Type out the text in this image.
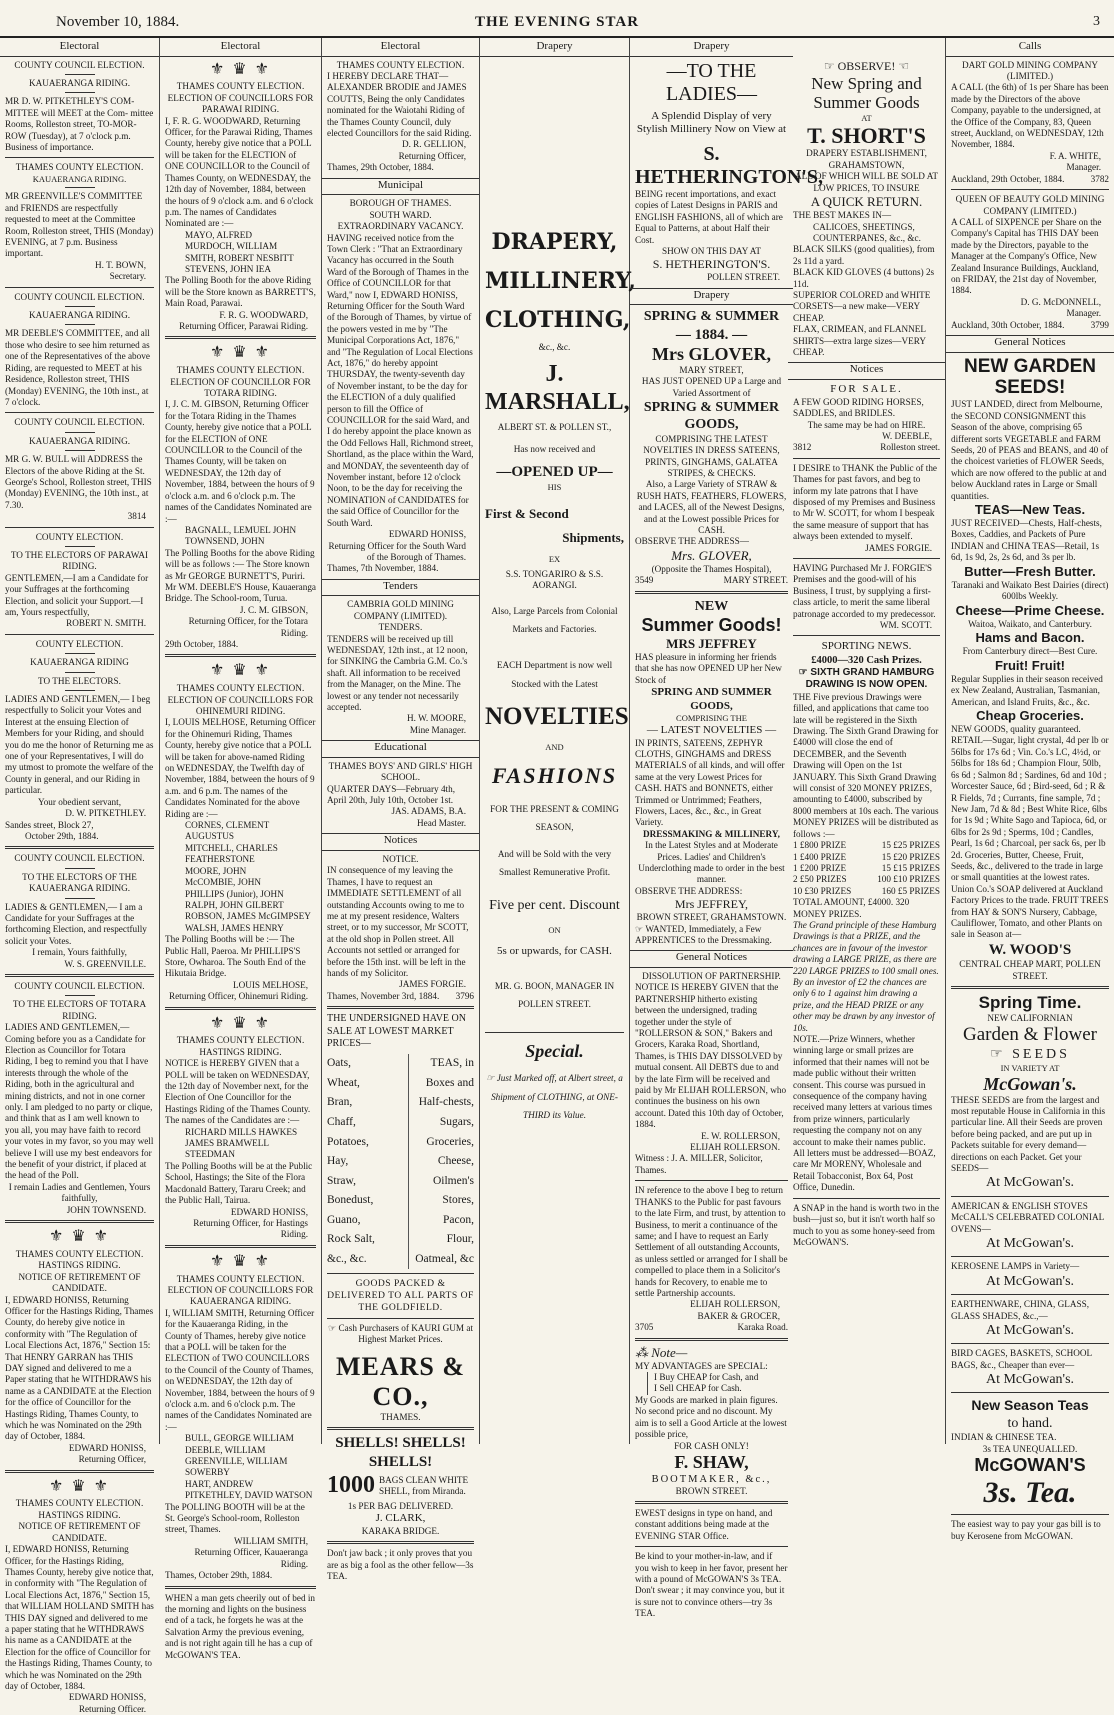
November 10, 1884.	THE EVENING STAR	3
Electoral
COUNTY COUNCIL ELECTION.
KAUAERANGA RIDING.
MR D. W. PITKETHLEY'S COM- MITTEE will MEET at the Com- mittee Rooms, Rolleston street, TO-MOR- ROW (Tuesday), at 7 o'clock p.m. Business of importance.
THAMES COUNTY ELECTION.
KAUAERANGA RIDING.
MR GREENVILLE'S COMMITTEE and FRIENDS are respectfully requested to meet at the Committee Room, Rolleston street, THIS (Monday) EVENING, at 7 p.m. Business important.
H. T. BOWN,
Secretary.
COUNTY COUNCIL ELECTION.
KAUAERANGA RIDING.
MR DEEBLE'S COMMITTEE, and all those who desire to see him returned as one of the Representatives of the above Riding, are requested to MEET at his Residence, Rolleston street, THIS (Monday) EVENING, the 10th inst., at 7 o'clock.
COUNTY COUNCIL ELECTION.
KAUAERANGA RIDING.
MR G. W. BULL will ADDRESS the Electors of the above Riding at the St. George's School, Rolleston street, THIS (Monday) EVENING, the 10th inst., at 7.30.
3814
COUNTY ELECTION.
TO THE ELECTORS OF PARAWAI RIDING.
GENTLEMEN,—I am a Candidate for your Suffrages at the forthcoming Election, and solicit your Support.—I am, Yours respectfully,
ROBERT N. SMITH.
COUNTY ELECTION.
KAUAERANGA RIDING
TO THE ELECTORS.
LADIES AND GENTLEMEN,— I beg respectfully to Solicit your Votes and Interest at the ensuing Election of Members for your Riding, and should you do me the honor of Returning me as one of your Representatives, I will do my utmost to promote the welfare of the County in general, and our Riding in particular.
Your obedient servant,
D. W. PITKETHLEY.
Sandes street, Block 27,
October 29th, 1884.
COUNTY COUNCIL ELECTION.
TO THE ELECTORS OF THE KAUAERANGA RIDING.
LADIES & GENTLEMEN,— I am a Candidate for your Suffrages at the forthcoming Election, and respectfully solicit your Votes.
I remain, Yours faithfully,
W. S. GREENVILLE.
COUNTY COUNCIL ELECTION.
TO THE ELECTORS OF TOTARA RIDING.
LADIES AND GENTLEMEN,— Coming before you as a Candidate for Election as Councillor for Totara Riding, I beg to remind you that I have interests through the whole of the Riding, both in the agricultural and mining districts, and not in one corner only. I am pledged to no party or clique, and think that as I am well known to you all, you may have faith to record your votes in my favor, so you may well believe I will use my best endeavors for the benefit of your district, if placed at the head of the Poll.
I remain Ladies and Gentlemen, Yours faithfully,
JOHN TOWNSEND.
⚜ ♛ ⚜
THAMES COUNTY ELECTION.
HASTINGS RIDING.
NOTICE OF RETIREMENT OF CANDIDATE.
I, EDWARD HONISS, Returning Officer for the Hastings Riding, Thames County, do hereby give notice in conformity with "The Regulation of Local Elections Act, 1876," Section 15: That HENRY GARRAN has THIS DAY signed and delivered to me a Paper stating that he WITHDRAWS his name as a CANDIDATE at the Election for the office of Councillor for the Hastings Riding, Thames County, to which he was Nominated on the 29th day of October, 1884.
EDWARD HONISS,
Returning Officer,
⚜ ♛ ⚜
THAMES COUNTY ELECTION.
HASTINGS RIDING.
NOTICE OF RETIREMENT OF CANDIDATE.
I, EDWARD HONISS, Returning Officer, for the Hastings Riding, Thames County, hereby give notice that, in conformity with "The Regulation of Local Elections Act, 1876," Section 15, that WILLIAM HOLLAND SMITH has THIS DAY signed and delivered to me a paper stating that he WITHDRAWS his name as a CANDIDATE at the Election for the office of Councillor for the Hastings Riding, Thames County, to which he was Nominated on the 29th day of October, 1884.
EDWARD HONISS,
Returning Officer.
Electoral
⚜ ♛ ⚜
THAMES COUNTY ELECTION.
ELECTION OF COUNCILLORS FOR PARAWAI RIDING.
I, F. R. G. WOODWARD, Returning Officer, for the Parawai Riding, Thames County, hereby give notice that a POLL will be taken for the ELECTION of ONE COUNCILLOR to the Council of Thames County, on WEDNESDAY, the 12th day of November, 1884, between the hours of 9 o'clock a.m. and 6 o'clock p.m. The names of Candidates Nominated are :—
MAYO, ALFRED
MURDOCH, WILLIAM
SMITH, ROBERT NESBITT
STEVENS, JOHN IEA
The Polling Booth for the above Riding will be the Store known as BARRETT'S, Main Road, Parawai.
F. R. G. WOODWARD,
Returning Officer, Parawai Riding.
⚜ ♛ ⚜
THAMES COUNTY ELECTION.
ELECTION OF COUNCILLOR FOR TOTARA RIDING.
I, J. C. M. GIBSON, Returning Officer for the Totara Riding in the Thames County, hereby give notice that a POLL for the ELECTION of ONE COUNCILLOR to the Council of the Thames County, will be taken on WEDNESDAY, the 12th day of November, 1884, between the hours of 9 o'clock a.m. and 6 o'clock p.m. The names of the Candidates Nominated are :—
BAGNALL, LEMUEL JOHN
TOWNSEND, JOHN
The Polling Booths for the above Riding will be as follows :— The Store known as Mr GEORGE BURNETT'S, Puriri. Mr WM. DEEBLE'S House, Kauaeranga Bridge. The School-room, Turua.
J. C. M. GIBSON,
Returning Officer, for the Totara Riding.
29th October, 1884.
⚜ ♛ ⚜
THAMES COUNTY ELECTION.
ELECTION OF COUNCILLORS FOR OHINEMURI RIDING.
I, LOUIS MELHOSE, Returning Officer for the Ohinemuri Riding, Thames County, hereby give notice that a POLL will be taken for above-named Riding on WEDNESDAY, the Twelfth day of November, 1884, between the hours of 9 a.m. and 6 p.m. The names of the Candidates Nominated for the above Riding are :—
CORNES, CLEMENT AUGUSTUS
MITCHELL, CHARLES FEATHERSTONE
MOORE, JOHN
McCOMBIE, JOHN
PHILLIPS (Junior), JOHN
RALPH, JOHN GILBERT
ROBSON, JAMES McGIMPSEY
WALSH, JAMES HENRY
The Polling Booths will be :— The Public Hall, Paeroa. Mr PHILLIPS'S Store, Owharoa. The South End of the Hikutaia Bridge.
LOUIS MELHOSE,
Returning Officer, Ohinemuri Riding.
⚜ ♛ ⚜
THAMES COUNTY ELECTION.
HASTINGS RIDING.
NOTICE is HEREBY GIVEN that a POLL will be taken on WEDNESDAY, the 12th day of November next, for the Election of One Councillor for the Hastings Riding of the Thames County. The names of the Candidates are :—
RICHARD MILLS HAWKES
JAMES BRAMWELL STEEDMAN
The Polling Booths will be at the Public School, Hastings; the Site of the Flora Macdonald Battery, Tararu Creek; and the Public Hall, Tairua.
EDWARD HONISS,
Returning Officer, for Hastings Riding.
⚜ ♛ ⚜
THAMES COUNTY ELECTION.
ELECTION OF COUNCILLORS FOR KAUAERANGA RIDING.
I, WILLIAM SMITH, Returning Officer for the Kauaeranga Riding, in the County of Thames, hereby give notice that a POLL will be taken for the ELECTION of TWO COUNCILLORS to the Council of the County of Thames, on WEDNESDAY, the 12th day of November, 1884, between the hours of 9 o'clock a.m. and 6 o'clock p.m. The names of the Candidates Nominated are :—
BULL, GEORGE WILLIAM
DEEBLE, WILLIAM
GREENVILLE, WILLIAM SOWERBY
HART, ANDREW
PITKETHLEY, DAVID WATSON
The POLLING BOOTH will be at the St. George's School-room, Rolleston street, Thames.
WILLIAM SMITH,
Returning Officer, Kauaeranga Riding.
Thames, October 29th, 1884.
WHEN a man gets cheerily out of bed in the morning and lights on the business end of a tack, he forgets he was at the Salvation Army the previous evening, and is not right again till he has a cup of McGOWAN'S TEA.
Electoral
THAMES COUNTY ELECTION.
I HEREBY DECLARE THAT— ALEXANDER BRODIE and JAMES COUTTS, Being the only Candidates nominated for the Waiotahi Riding of the Thames County Council, duly elected Councillors for the said Riding.
D. R. GELLION,
Returning Officer,
Thames, 29th October, 1884.
Municipal
BOROUGH OF THAMES.
SOUTH WARD.
EXTRAORDINARY VACANCY.
HAVING received notice from the Town Clerk : "That an Extraordinary Vacancy has occurred in the South Ward of the Borough of Thames in the Office of COUNCILLOR for that Ward," now I, EDWARD HONISS, Returning Officer for the South Ward of the Borough of Thames, by virtue of the powers vested in me by "The Municipal Corporations Act, 1876," and "The Regulation of Local Elections Act, 1876," do hereby appoint THURSDAY, the twenty-seventh day of November instant, to be the day for the ELECTION of a duly qualified person to fill the Office of COUNCILLOR for the said Ward, and I do hereby appoint the place known as the Odd Fellows Hall, Richmond street, Shortland, as the place within the Ward, and MONDAY, the seventeenth day of November instant, before 12 o'clock Noon, to be the day for receiving the NOMINATION of CANDIDATES for the said Office of Councillor for the South Ward.
EDWARD HONISS,
Returning Officer for the South Ward of the Borough of Thames.
Thames, 7th November, 1884.
Tenders
CAMBRIA GOLD MINING COMPANY (LIMITED).
TENDERS.
TENDERS will be received up till WEDNESDAY, 12th inst., at 12 noon, for SINKING the Cambria G.M. Co.'s shaft. All information to be received from the Manager, on the Mine. The lowest or any tender not necessarily accepted.
H. W. MOORE,
Mine Manager.
Educational
THAMES BOYS' AND GIRLS' HIGH SCHOOL.
QUARTER DAYS—February 4th, April 20th, July 10th, October 1st.
JAS. ADAMS, B.A.
Head Master.
Notices
NOTICE.
IN consequence of my leaving the Thames, I have to request an IMMEDIATE SETTLEMENT of all outstanding Accounts owing to me to me at my present residence, Walters street, or to my successor, Mr SCOTT, at the old shop in Pollen street. All Accounts not settled or arranged for before the 15th inst. will be left in the hands of my Solicitor.
JAMES FORGIE.
Thames, November 3rd, 1884. 3796
THE UNDERSIGNED HAVE ON SALE AT LOWEST MARKET PRICES—
Oats,
Wheat,
Bran,
Chaff,
Potatoes,
Hay,
Straw,
Bonedust,
Guano,
Rock Salt,
&c., &c.
TEAS, in
Boxes and
Half-chests,
Sugars,
Groceries,
Cheese,
Oilmen's
Stores,
Pacon,
Flour,
Oatmeal, &c
GOODS PACKED & DELIVERED TO ALL PARTS OF THE GOLDFIELD.
☞ Cash Purchasers of KAURI GUM at Highest Market Prices.
MEARS & CO.,
THAMES.
SHELLS! SHELLS! SHELLS!
1000 BAGS CLEAN WHITE SHELL, from Miranda.
1s PER BAG DELIVERED.
J. CLARK,
KARAKA BRIDGE.
Don't jaw back ; it only proves that you are as big a fool as the other fellow—3s TEA.
Drapery
DRAPERY,
MILLINERY,
CLOTHING,
&c., &c.
J. MARSHALL,
ALBERT ST. & POLLEN ST.,
Has now received and
—OPENED UP—
HIS
First & Second
Shipments,
EX
S.S. TONGARIRO & S.S. AORANGI.
Also, Large Parcels from Colonial Markets and Factories.
EACH Department is now well Stocked with the Latest
NOVELTIES
AND
FASHIONS
FOR THE PRESENT & COMING SEASON,
And will be Sold with the very Smallest Remunerative Profit.
Five per cent. Discount
ON
5s or upwards, for CASH.
MR. G. BOON, MANAGER IN POLLEN STREET.
Special.
☞ Just Marked off, at Albert street, a Shipment of CLOTHING, at ONE-THIRD its Value.
Drapery
—TO THE LADIES—
A Splendid Display of very Stylish Millinery Now on View at
S. HETHERINGTON'S,
BEING recent importations, and exact copies of Latest Designs in PARIS and ENGLISH FASHIONS, all of which are Equal to Patterns, at about Half their Cost.
SHOW ON THIS DAY AT
S. HETHERINGTON'S.
POLLEN STREET.
Drapery
SPRING & SUMMER
— 1884. —
Mrs GLOVER,
MARY STREET,
HAS JUST OPENED UP a Large and Varied Assortment of
SPRING & SUMMER GOODS,
COMPRISING THE LATEST NOVELTIES IN DRESS SATEENS, PRINTS, GINGHAMS, GALATEA STRIPES, & CHECKS.
Also, a Large Variety of STRAW & RUSH HATS, FEATHERS, FLOWERS, and LACES, all of the Newest Designs, and at the Lowest possible Prices for CASH.
OBSERVE THE ADDRESS—
Mrs. GLOVER,
(Opposite the Thames Hospital),
3549	MARY STREET.
NEW
Summer Goods!
MRS JEFFREY
HAS pleasure in informing her friends that she has now OPENED UP her New Stock of
SPRING AND SUMMER GOODS,
COMPRISING THE
— LATEST NOVELTIES —
IN PRINTS, SATEENS, ZEPHYR CLOTHS, GINGHAMS and DRESS MATERIALS of all kinds, and will offer same at the very Lowest Prices for CASH. HATS and BONNETS, either Trimmed or Untrimmed; Feathers, Flowers, Laces, &c., &c., in Great Variety.
DRESSMAKING & MILLINERY,
In the Latest Styles and at Moderate Prices. Ladies' and Children's Underclothing made to order in the best manner.
OBSERVE THE ADDRESS:
Mrs JEFFREY,
BROWN STREET, GRAHAMSTOWN.
☞ WANTED, Immediately, a Few APPRENTICES to the Dressmaking.
General Notices
DISSOLUTION OF PARTNERSHIP.
NOTICE IS HEREBY GIVEN that the PARTNERSHIP hitherto existing between the undersigned, trading together under the style of "ROLLERSON & SON," Bakers and Grocers, Karaka Road, Shortland, Thames, is THIS DAY DISSOLVED by mutual consent. All DEBTS due to and by the late Firm will be received and paid by Mr ELIJAH ROLLERSON, who continues the business on his own account. Dated this 10th day of October, 1884.
E. W. ROLLERSON,
ELIJAH ROLLERSON.
Witness : J. A. MILLER, Solicitor, Thames.
IN reference to the above I beg to return THANKS to the Public for past favours to the late Firm, and trust, by attention to Business, to merit a continuance of the same; and I have to request an Early Settlement of all outstanding Accounts, as unless settled or arranged for I shall be compelled to place them in a Solicitor's hands for Recovery, to enable me to settle Partnership accounts.
ELIJAH ROLLERSON,
BAKER & GROCER,
3705	Karaka Road.
⁂ Note—
MY ADVANTAGES are SPECIAL:
I Buy CHEAP for Cash, and
I Sell CHEAP for Cash.
My Goods are marked in plain figures. No second price and no discount. My aim is to sell a Good Article at the lowest possible price,
FOR CASH ONLY!
F. SHAW,
BOOTMAKER, &c.,
BROWN STREET.
EWEST designs in type on hand, and constant additions being made at the EVENING STAR Office.
Be kind to your mother-in-law, and if you wish to keep in her favor, present her with a pound of McGOWAN'S 3s TEA. Don't swear ; it may convince you, but it is sure not to convince others—try 3s TEA.

☞ OBSERVE! ☜
New Spring and Summer Goods
AT
T. SHORT'S
DRAPERY ESTABLISHMENT,
GRAHAMSTOWN,
ALL OF WHICH WILL BE SOLD AT LOW PRICES, TO INSURE
A QUICK RETURN.
THE BEST MAKES IN—
CALICOES, SHEETINGS, COUNTERPANES, &c., &c.
BLACK SILKS (good qualities), from 2s 11d a yard.
BLACK KID GLOVES (4 buttons) 2s 11d.
SUPERIOR COLORED and WHITE CORSETS—a new make—VERY CHEAP.
FLAX, CRIMEAN, and FLANNEL SHIRTS—extra large sizes—VERY CHEAP.
Notices
FOR SALE.
A FEW GOOD RIDING HORSES, SADDLES, and BRIDLES.
The same may be had on HIRE.
W. DEEBLE,
3812	Rolleston street.
I DESIRE to THANK the Public of the Thames for past favors, and beg to inform my late patrons that I have disposed of my Premises and Business to Mr W. SCOTT, for whom I bespeak the same measure of support that has always been extended to myself.
JAMES FORGIE.
HAVING Purchased Mr J. FORGIE'S Premises and the good-will of his Business, I trust, by supplying a first-class article, to merit the same liberal patronage accorded to my predecessor.
WM. SCOTT.
SPORTING NEWS.
£4000—320 Cash Prizes.
☞ SIXTH GRAND HAMBURG DRAWING IS NOW OPEN.
THE Five previous Drawings were filled, and applications that came too late will be registered in the Sixth Drawing. The Sixth Grand Drawing for £4000 will close the end of DECEMBER, and the Seventh Drawing will Open on the 1st JANUARY. This Sixth Grand Drawing will consist of 320 MONEY PRIZES, amounting to £4000, subscribed by 8000 members at 10s each. The various MONEY PRIZES will be distributed as follows :—
1 £800 PRIZE	15 £25 PRIZES
1 £400 PRIZE	15 £20 PRIZES
1 £200 PRIZE	15 £15 PRIZES
2 £50 PRIZES	100 £10 PRIZES
10 £30 PRIZES	160 £5 PRIZES
TOTAL AMOUNT, £4000. 320 MONEY PRIZES.
The Grand principle of these Hamburg Drawings is that a PRIZE, and the chances are in favour of the investor drawing a LARGE PRIZE, as there are 220 LARGE PRIZES to 100 small ones. By an investor of £2 the chances are only 6 to 1 against him drawing a prize, and the HEAD PRIZE or any other may be drawn by any investor of 10s.
NOTE.—Prize Winners, whether winning large or small prizes are informed that their names will not be made public without their written consent. This course was pursued in consequence of the company having received many letters at various times from prize winners, particularly requesting the company not on any account to make their names public.
All letters must be addressed—BOAZ, care Mr MORENY, Wholesale and Retail Tobacconist, Box 64, Post Office, Dunedin.
A SNAP in the hand is worth two in the bush—just so, but it isn't worth half so much to you as some honey-seed from McGOWAN'S.
Calls
DART GOLD MINING COMPANY (LIMITED.)
A CALL (the 6th) of 1s per Share has been made by the Directors of the above Company, payable to the undersigned, at the Office of the Company, 83, Queen street, Auckland, on WEDNESDAY, 12th November, 1884.
F. A. WHITE,
Manager.
Auckland, 29th October, 1884.	3782
QUEEN OF BEAUTY GOLD MINING COMPANY (LIMITED.)
A CALL of SIXPENCE per Share on the Company's Capital has THIS DAY been made by the Directors, payable to the Manager at the Company's Office, New Zealand Insurance Buildings, Auckland, on FRIDAY, the 21st day of November, 1884.
D. G. McDONNELL,
Manager.
Auckland, 30th October, 1884.	3799
General Notices
NEW GARDEN SEEDS!
JUST LANDED, direct from Melbourne, the SECOND CONSIGNMENT this Season of the above, comprising 65 different sorts VEGETABLE and FARM Seeds, 20 of PEAS and BEANS, and 40 of the choicest varieties of FLOWER Seeds, which are now offered to the public at and below Auckland rates in Large or Small quantities.
TEAS—New Teas.
JUST RECEIVED—Chests, Half-chests, Boxes, Caddies, and Packets of Pure INDIAN and CHINA TEAS—Retail, 1s 6d, 1s 9d, 2s, 2s 6d, and 3s per lb.
Butter—Fresh Butter.
Taranaki and Waikato Best Dairies (direct) 600lbs Weekly.
Cheese—Prime Cheese.
Waitoa, Waikato, and Canterbury.
Hams and Bacon.
From Canterbury direct—Best Cure.
Fruit! Fruit!
Regular Supplies in their season received ex New Zealand, Australian, Tasmanian, American, and Island Fruits, &c., &c.
Cheap Groceries.
NEW GOODS, quality guaranteed. RETAIL—Sugar, light crystal, 4d per lb or 56lbs for 17s 6d ; Vin. Co.'s LC, 4½d, or 56lbs for 18s 6d ; Champion Flour, 50lb, 6s 6d ; Salmon 8d ; Sardines, 6d and 10d ; Worcester Sauce, 6d ; Bird-seed, 6d ; R & R Fields, 7d ; Currants, fine sample, 7d ; New Jam, 7d & 8d ; Best White Rice, 6lbs for 1s 9d ; White Sago and Tapioca, 6d, or 6lbs for 2s 9d ; Sperms, 10d ; Candles, Pearl, 1s 6d ; Charcoal, per sack 6s, per lb 2d. Groceries, Butter, Cheese, Fruit, Seeds, &c., delivered to the trade in large or small quantities at the lowest rates. Union Co.'s SOAP delivered at Auckland Factory Prices to the trade. FRUIT TREES from HAY & SON'S Nursery, Cabbage, Cauliflower, Tomato, and other Plants on sale in Season at—
W. WOOD'S
CENTRAL CHEAP MART, POLLEN STREET.
Spring Time.
NEW CALIFORNIAN
Garden & Flower
☞ SEEDS
IN VARIETY AT
McGowan's.
THESE SEEDS are from the largest and most reputable House in California in this particular line. All their Seeds are proven before being packed, and are put up in Packets suitable for every demand—directions on each Packet. Get your SEEDS—
At McGowan's.
AMERICAN & ENGLISH STOVES McCALL'S CELEBRATED COLONIAL OVENS—
At McGowan's.
KEROSENE LAMPS in Variety—
At McGowan's.
EARTHENWARE, CHINA, GLASS, GLASS SHADES, &c.,—
At McGowan's.
BIRD CAGES, BASKETS, SCHOOL BAGS, &c., Cheaper than ever—
At McGowan's.
New Season Teas
to hand.
INDIAN & CHINESE TEA.
3s TEA UNEQUALLED.
McGOWAN'S
3s. Tea.
The easiest way to pay your gas bill is to buy Kerosene from McGOWAN.
